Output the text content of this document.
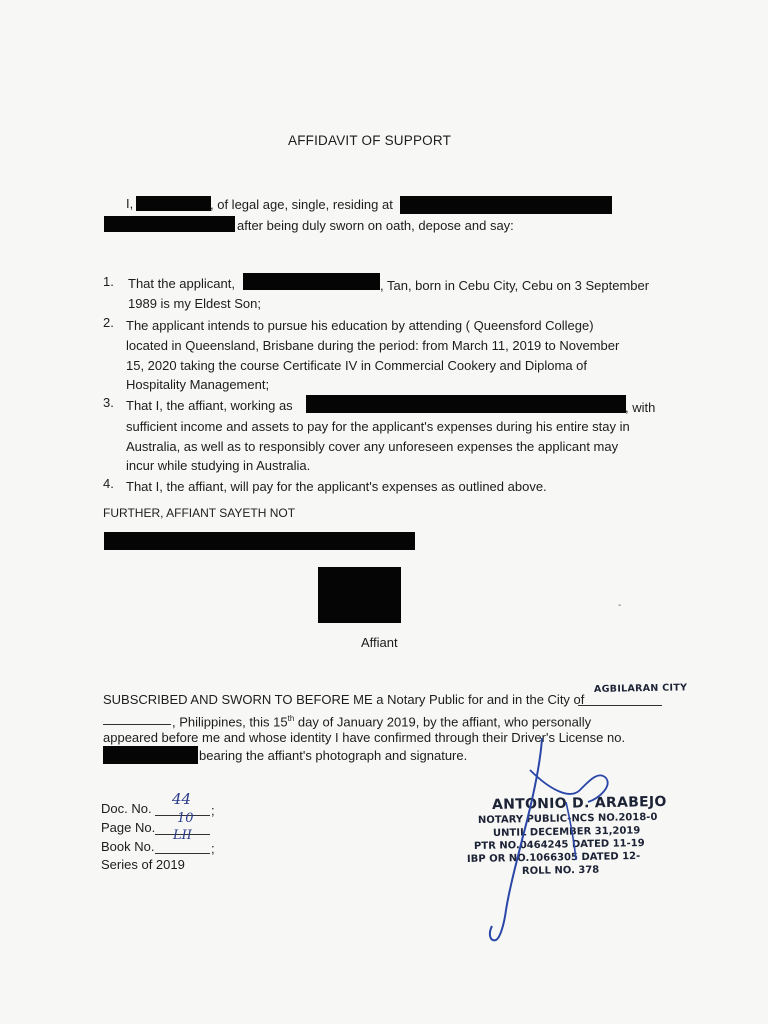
AFFIDAVIT OF SUPPORT
I,	, of legal age, single, residing at
after being duly sworn on oath, depose and say:
1. That the applicant,	, Tan, born in Cebu City, Cebu on 3 September
1989 is my Eldest Son;
2. The applicant intends to pursue his education by attending ( Queensford College)
located in Queensland, Brisbane during the period: from March 11, 2019 to November
15, 2020 taking the course Certificate IV in Commercial Cookery and Diploma of
Hospitality Management;
3. That I, the affiant, working as	, with
sufficient income and assets to pay for the applicant's expenses during his entire stay in
Australia, as well as to responsibly cover any unforeseen expenses the applicant may
incur while studying in Australia.
4. That I, the affiant, will pay for the applicant's expenses as outlined above.
FURTHER, AFFIANT SAYETH NOT
Affiant
SUBSCRIBED AND SWORN TO BEFORE ME a Notary Public for and in the City of
AGBILARAN CITY
, Philippines, this 15th day of January 2019, by the affiant, who personally
appeared before me and whose identity I have confirmed through their Driver's License no.
bearing the affiant's photograph and signature.
Doc. No.
44
;
Page No.
10
Book No.
LII
;
Series of 2019
ANTONIO D. ARABEJO
NOTARY PUBLIC-NCS NO.2018-0
UNTIL DECEMBER 31,2019
PTR NO.0464245 DATED 11-19
IBP OR NO.1066305 DATED 12-
ROLL NO. 378
-
